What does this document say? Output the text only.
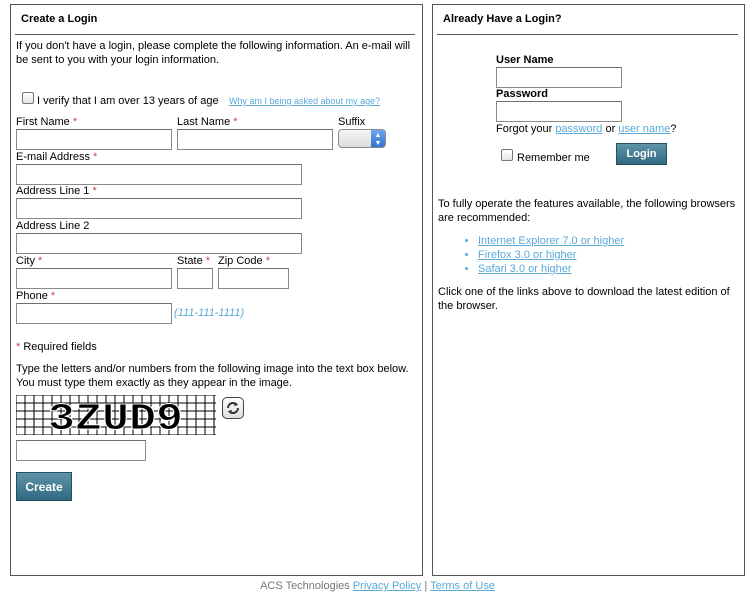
Create a Login
If you don't have a login, please complete the following information. An e-mail will be sent to you with your login information.
I verify that I am over 13 years of age Why am I being asked about my age?
First Name *	Last Name *	Suffix
▲
▼
E-mail Address *
Address Line 1 *
Address Line 2
City *	State * Zip Code *
Phone *
(111-111-1111)
* Required fields
Type the letters and/or numbers from the following image into the text box below. You must type them exactly as they appear in the image.
3ZUD9
Create
Already Have a Login?
User Name
Password
Forgot your password or user name?
Remember me	Login
To fully operate the features available, the following browsers are recommended:
• Internet Explorer 7.0 or higher
• Firefox 3.0 or higher
• Safari 3.0 or higher
Click one of the links above to download the latest edition of the browser.
ACS Technologies Privacy Policy | Terms of Use
